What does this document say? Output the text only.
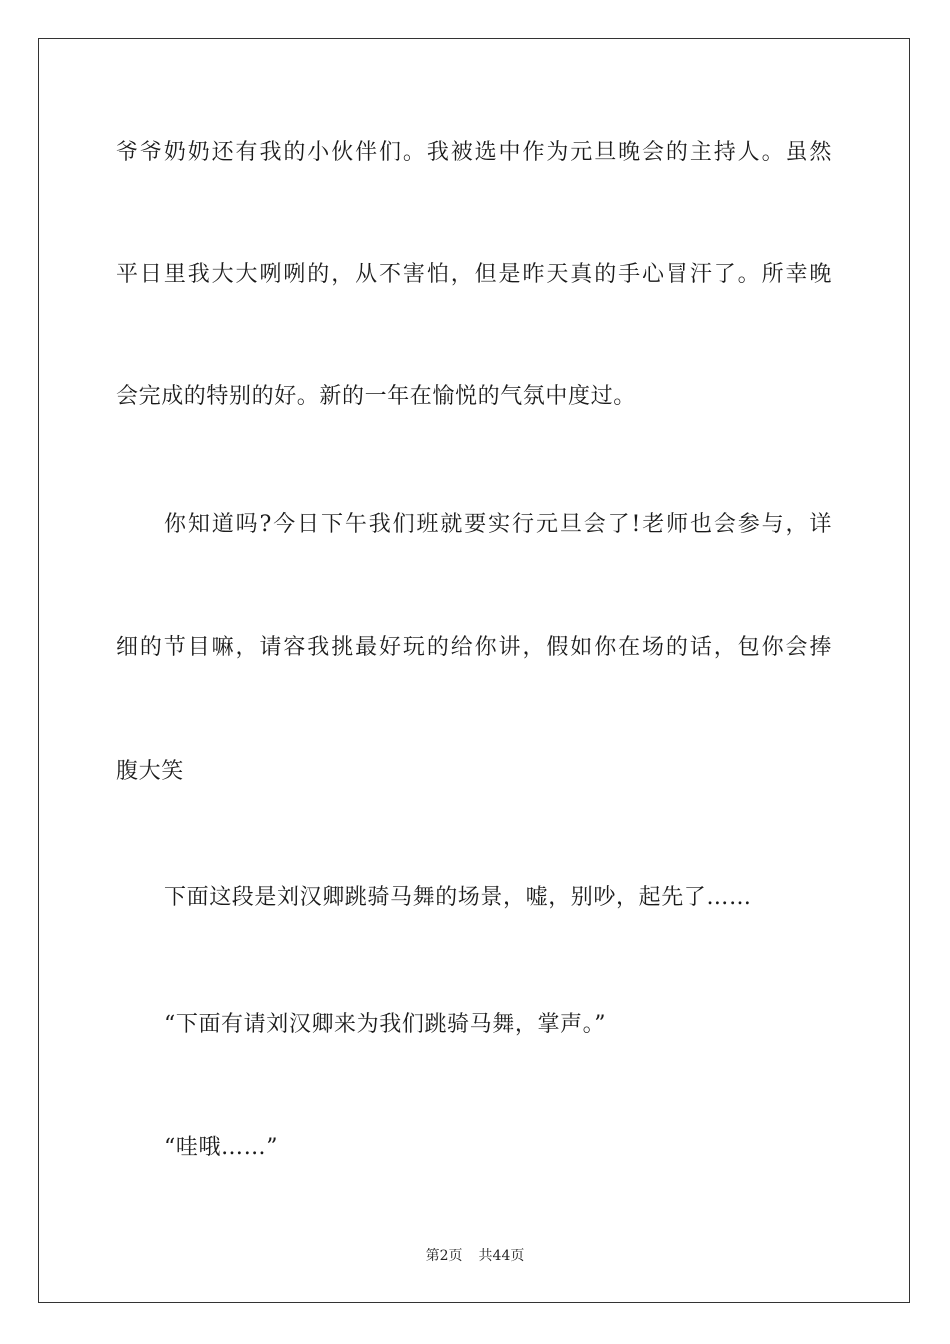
爷爷奶奶还有我的小伙伴们。我被选中作为元旦晚会的主持人。虽然
平日里我大大咧咧的，从不害怕，但是昨天真的手心冒汗了。所幸晚
会完成的特别的好。新的一年在愉悦的气氛中度过。
你知道吗?今日下午我们班就要实行元旦会了!老师也会参与，详
细的节目嘛，请容我挑最好玩的给你讲，假如你在场的话，包你会捧
腹大笑
下面这段是刘汉卿跳骑马舞的场景，嘘，别吵，起先了……
“下面有请刘汉卿来为我们跳骑马舞，掌声。”
“哇哦……”
第2页 共44页
